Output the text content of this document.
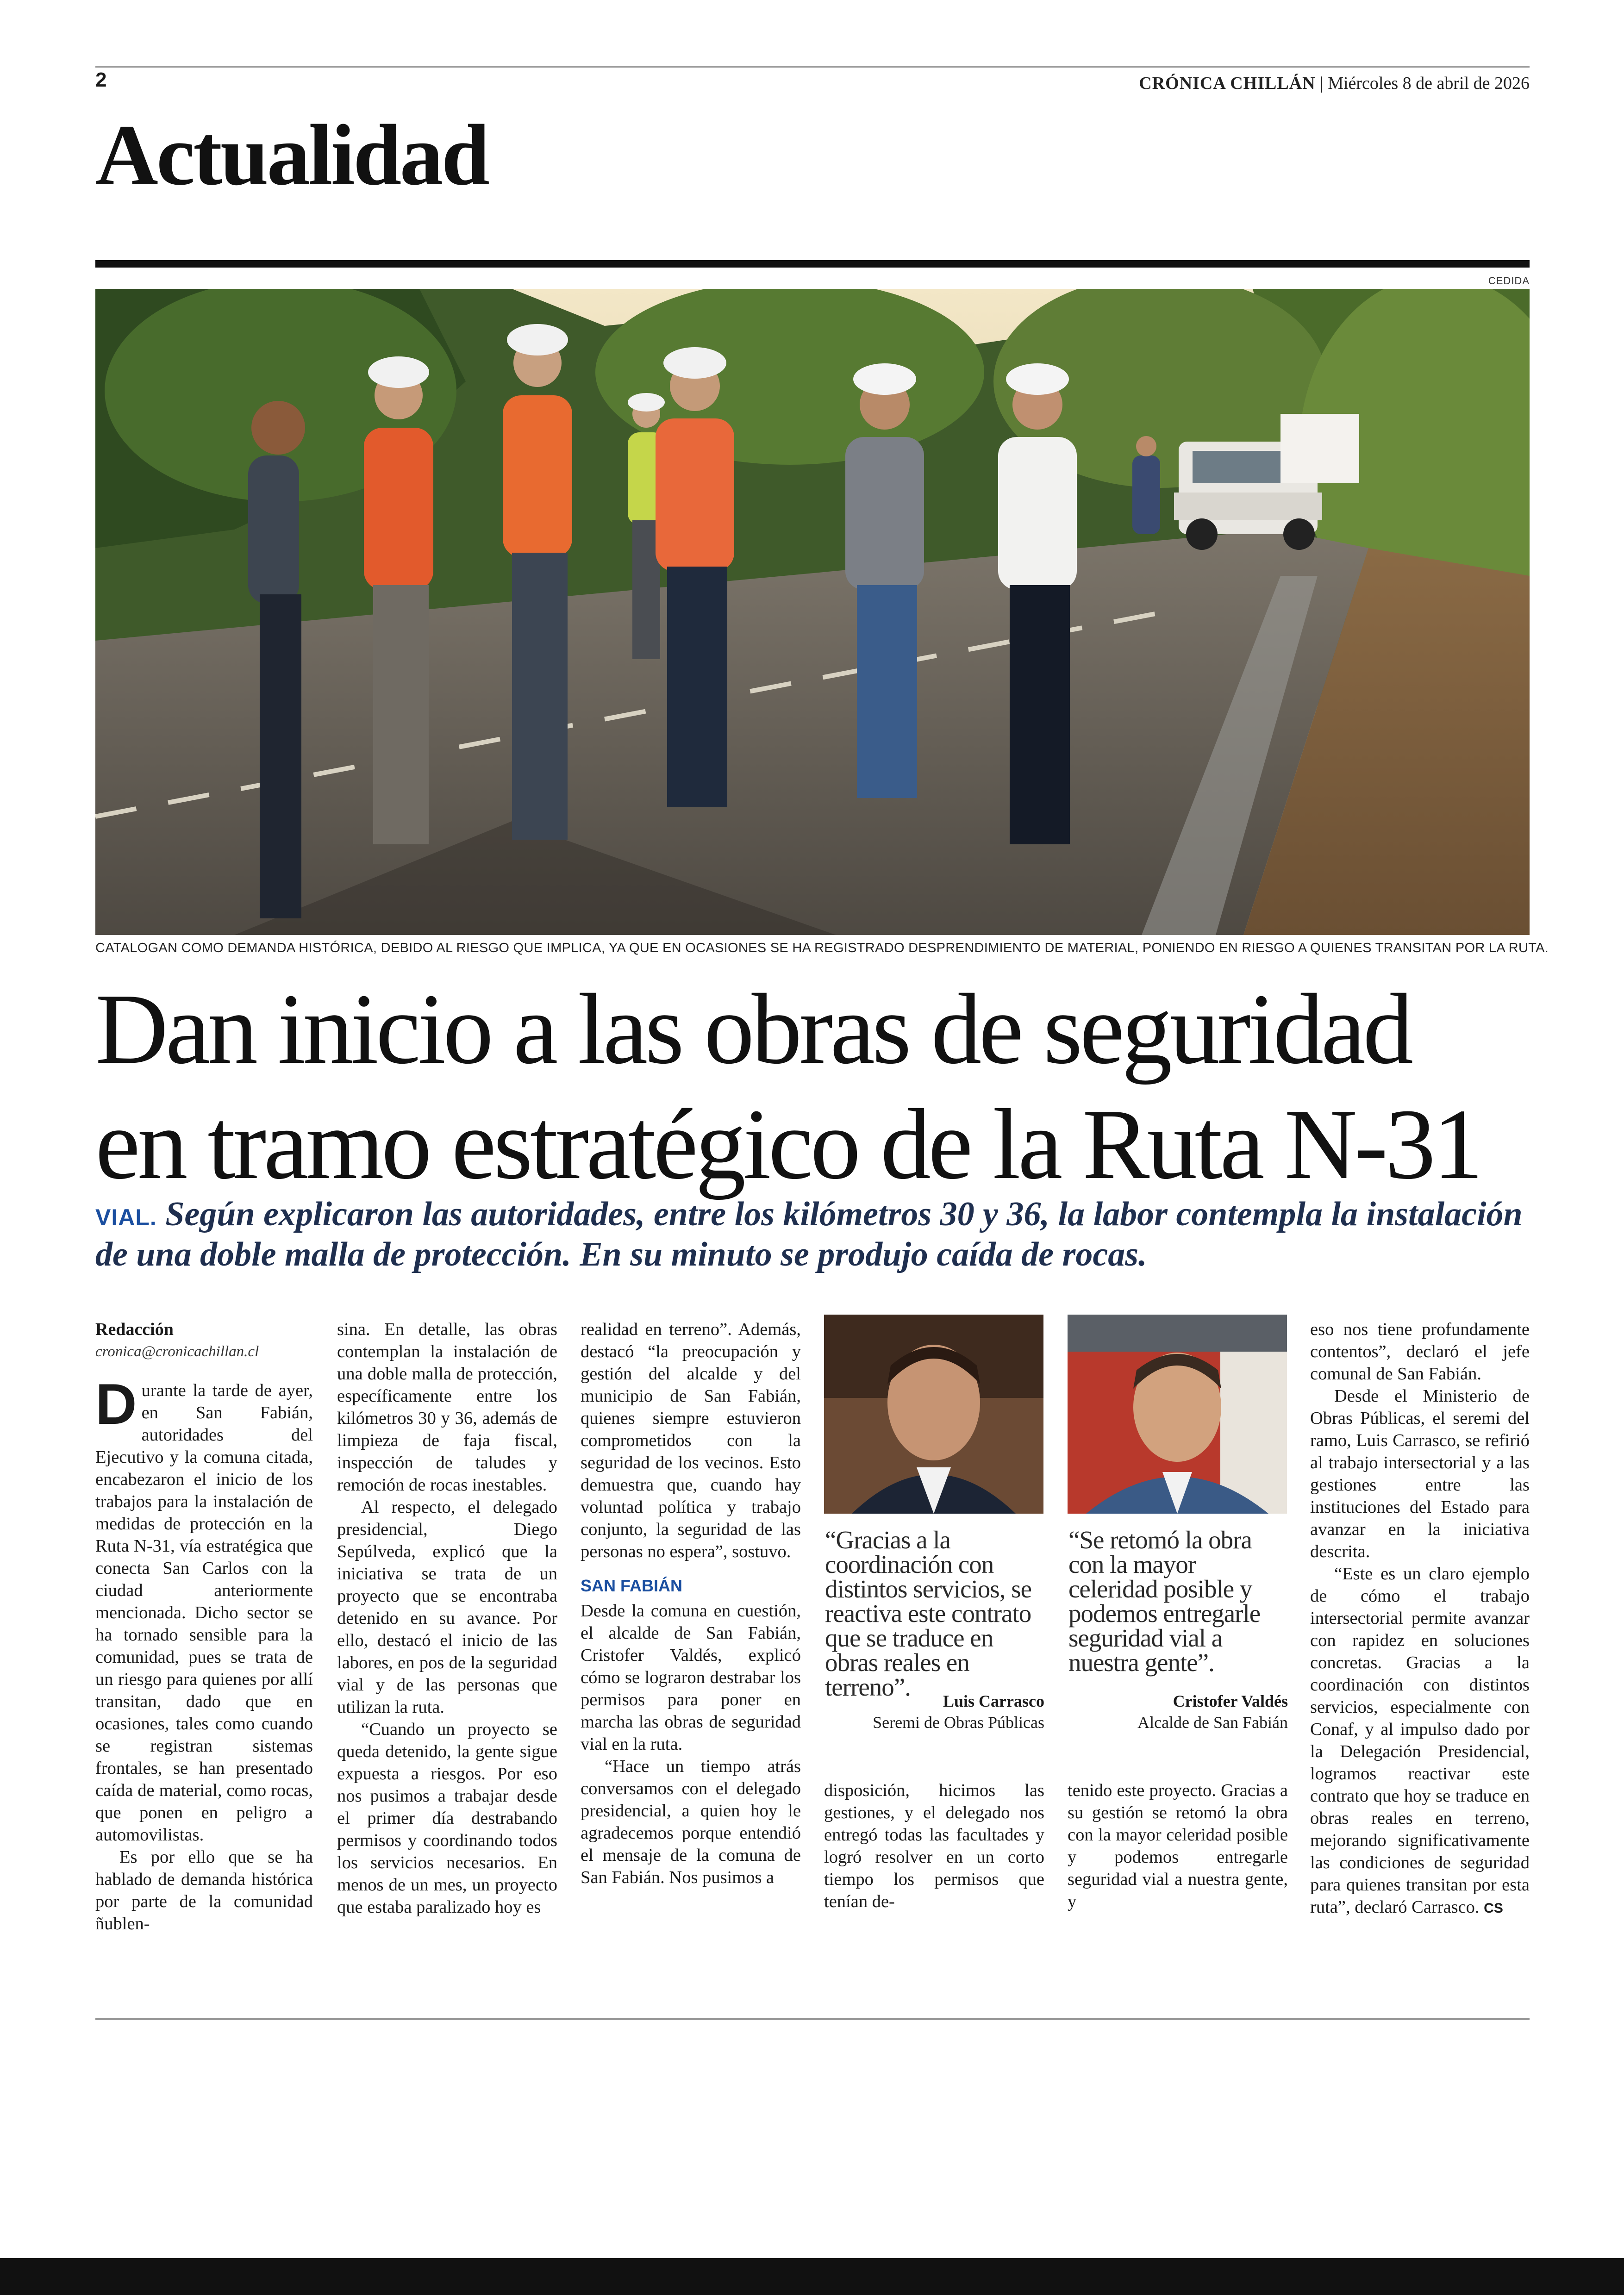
2	CRÓNICA CHILLÁN | Miércoles 8 de abril de 2026
Actualidad
CEDIDA
CATALOGAN COMO DEMANDA HISTÓRICA, DEBIDO AL RIESGO QUE IMPLICA, YA QUE EN OCASIONES SE HA REGISTRADO DESPRENDIMIENTO DE MATERIAL, PONIENDO EN RIESGO A QUIENES TRANSITAN POR LA RUTA.
Dan inicio a las obras de seguridad
en tramo estratégico de la Ruta N-31
VIAL. Según explicaron las autoridades, entre los kilómetros 30 y 36, la labor contempla la instalación de una doble malla de protección. En su minuto se produjo caída de rocas.
Redacción
cronica@cronicachillan.cl

Durante la tarde de ayer, en San Fabián, autoridades del Ejecutivo y la comuna citada, encabezaron el inicio de los trabajos para la instalación de medidas de protección en la Ruta N-31, vía estratégica que conecta San Carlos con la ciudad anteriormente mencionada. Dicho sector se ha tornado sensible para la comunidad, pues se trata de un riesgo para quienes por allí transitan, dado que en ocasiones, tales como cuando se registran sistemas frontales, se han presentado caída de material, como rocas, que ponen en peligro a automovilistas.

Es por ello que se ha hablado de demanda histórica por parte de la comunidad ñublen-

sina. En detalle, las obras contemplan la instalación de una doble malla de protección, específicamente entre los kilómetros 30 y 36, además de limpieza de faja fiscal, inspección de taludes y remoción de rocas inestables.

Al respecto, el delegado presidencial, Diego Sepúlveda, explicó que la iniciativa se trata de un proyecto que se encontraba detenido en su avance. Por ello, destacó el inicio de las labores, en pos de la seguridad vial y de las personas que utilizan la ruta.

“Cuando un proyecto se queda detenido, la gente sigue expuesta a riesgos. Por eso nos pusimos a trabajar desde el primer día destrabando permisos y coordinando todos los servicios necesarios. En menos de un mes, un proyecto que estaba paralizado hoy es

realidad en terreno”. Además, destacó “la preocupación y gestión del alcalde y del municipio de San Fabián, quienes siempre estuvieron comprometidos con la seguridad de los vecinos. Esto demuestra que, cuando hay voluntad política y trabajo conjunto, la seguridad de las personas no espera”, sostuvo.

SAN FABIÁN

Desde la comuna en cuestión, el alcalde de San Fabián, Cristofer Valdés, explicó cómo se lograron destrabar los permisos para poner en marcha las obras de seguridad vial en la ruta.

“Hace un tiempo atrás conversamos con el delegado presidencial, a quien hoy le agradecemos porque entendió el mensaje de la comuna de San Fabián. Nos pusimos a

“Gracias a la coordinación con distintos servicios, se reactiva este contrato que se traduce en obras reales en terreno”.	Luis Carrasco
Seremi de Obras Públicas

disposición, hicimos las gestiones, y el delegado nos entregó todas las facultades y logró resolver en un corto tiempo los permisos que tenían de-

“Se retomó la obra con la mayor celeridad posible y podemos entregarle seguridad vial a nuestra gente”.
Cristofer Valdés
Alcalde de San Fabián

tenido este proyecto. Gracias a su gestión se retomó la obra con la mayor celeridad posible y podemos entregarle seguridad vial a nuestra gente, y

eso nos tiene profundamente contentos”, declaró el jefe comunal de San Fabián.

Desde el Ministerio de Obras Públicas, el seremi del ramo, Luis Carrasco, se refirió al trabajo intersectorial y a las gestiones entre las instituciones del Estado para avanzar en la iniciativa descrita.

“Este es un claro ejemplo de cómo el trabajo intersectorial permite avanzar con rapidez en soluciones concretas. Gracias a la coordinación con distintos servicios, especialmente con Conaf, y al impulso dado por la Delegación Presidencial, logramos reactivar este contrato que hoy se traduce en obras reales en terreno, mejorando significativamente las condiciones de seguridad para quienes transitan por esta ruta”, declaró Carrasco. CS
